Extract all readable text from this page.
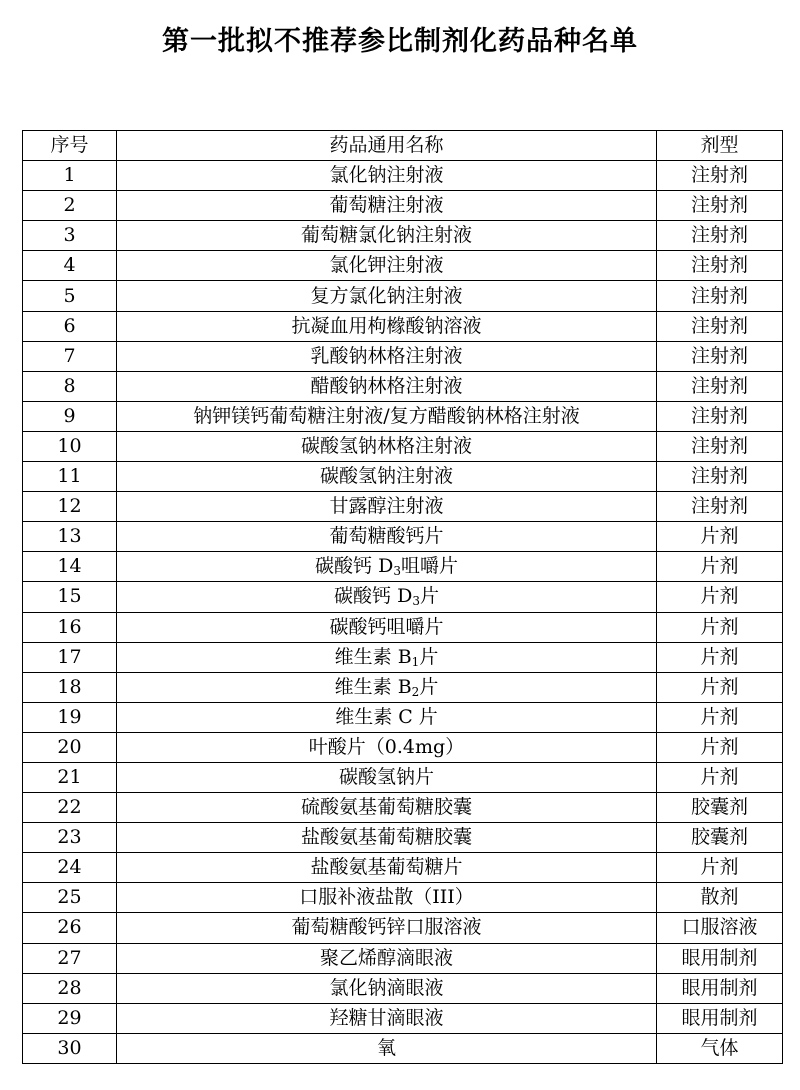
第一批拟不推荐参比制剂化药品种名单
序号	药品通用名称	剂型
1	氯化钠注射液	注射剂
2	葡萄糖注射液	注射剂
3	葡萄糖氯化钠注射液	注射剂
4	氯化钾注射液	注射剂
5	复方氯化钠注射液	注射剂
6	抗凝血用枸橼酸钠溶液	注射剂
7	乳酸钠林格注射液	注射剂
8	醋酸钠林格注射液	注射剂
9	钠钾镁钙葡萄糖注射液/复方醋酸钠林格注射液	注射剂
10	碳酸氢钠林格注射液	注射剂
11	碳酸氢钠注射液	注射剂
12	甘露醇注射液	注射剂
13	葡萄糖酸钙片	片剂
14	碳酸钙 $D_3$咀嚼片	片剂
15	碳酸钙 $D_3$片	片剂
16	碳酸钙咀嚼片	片剂
17	维生素 $B_1$片	片剂
18	维生素 $B_2$片	片剂
19	维生素 C 片	片剂
20	叶酸片（0.4mg）	片剂
21	碳酸氢钠片	片剂
22	硫酸氨基葡萄糖胶囊	胶囊剂
23	盐酸氨基葡萄糖胶囊	胶囊剂
24	盐酸氨基葡萄糖片	片剂
25	口服补液盐散（III）	散剂
26	葡萄糖酸钙锌口服溶液	口服溶液
27	聚乙烯醇滴眼液	眼用制剂
28	氯化钠滴眼液	眼用制剂
29	羟糖甘滴眼液	眼用制剂
30	氧	气体
